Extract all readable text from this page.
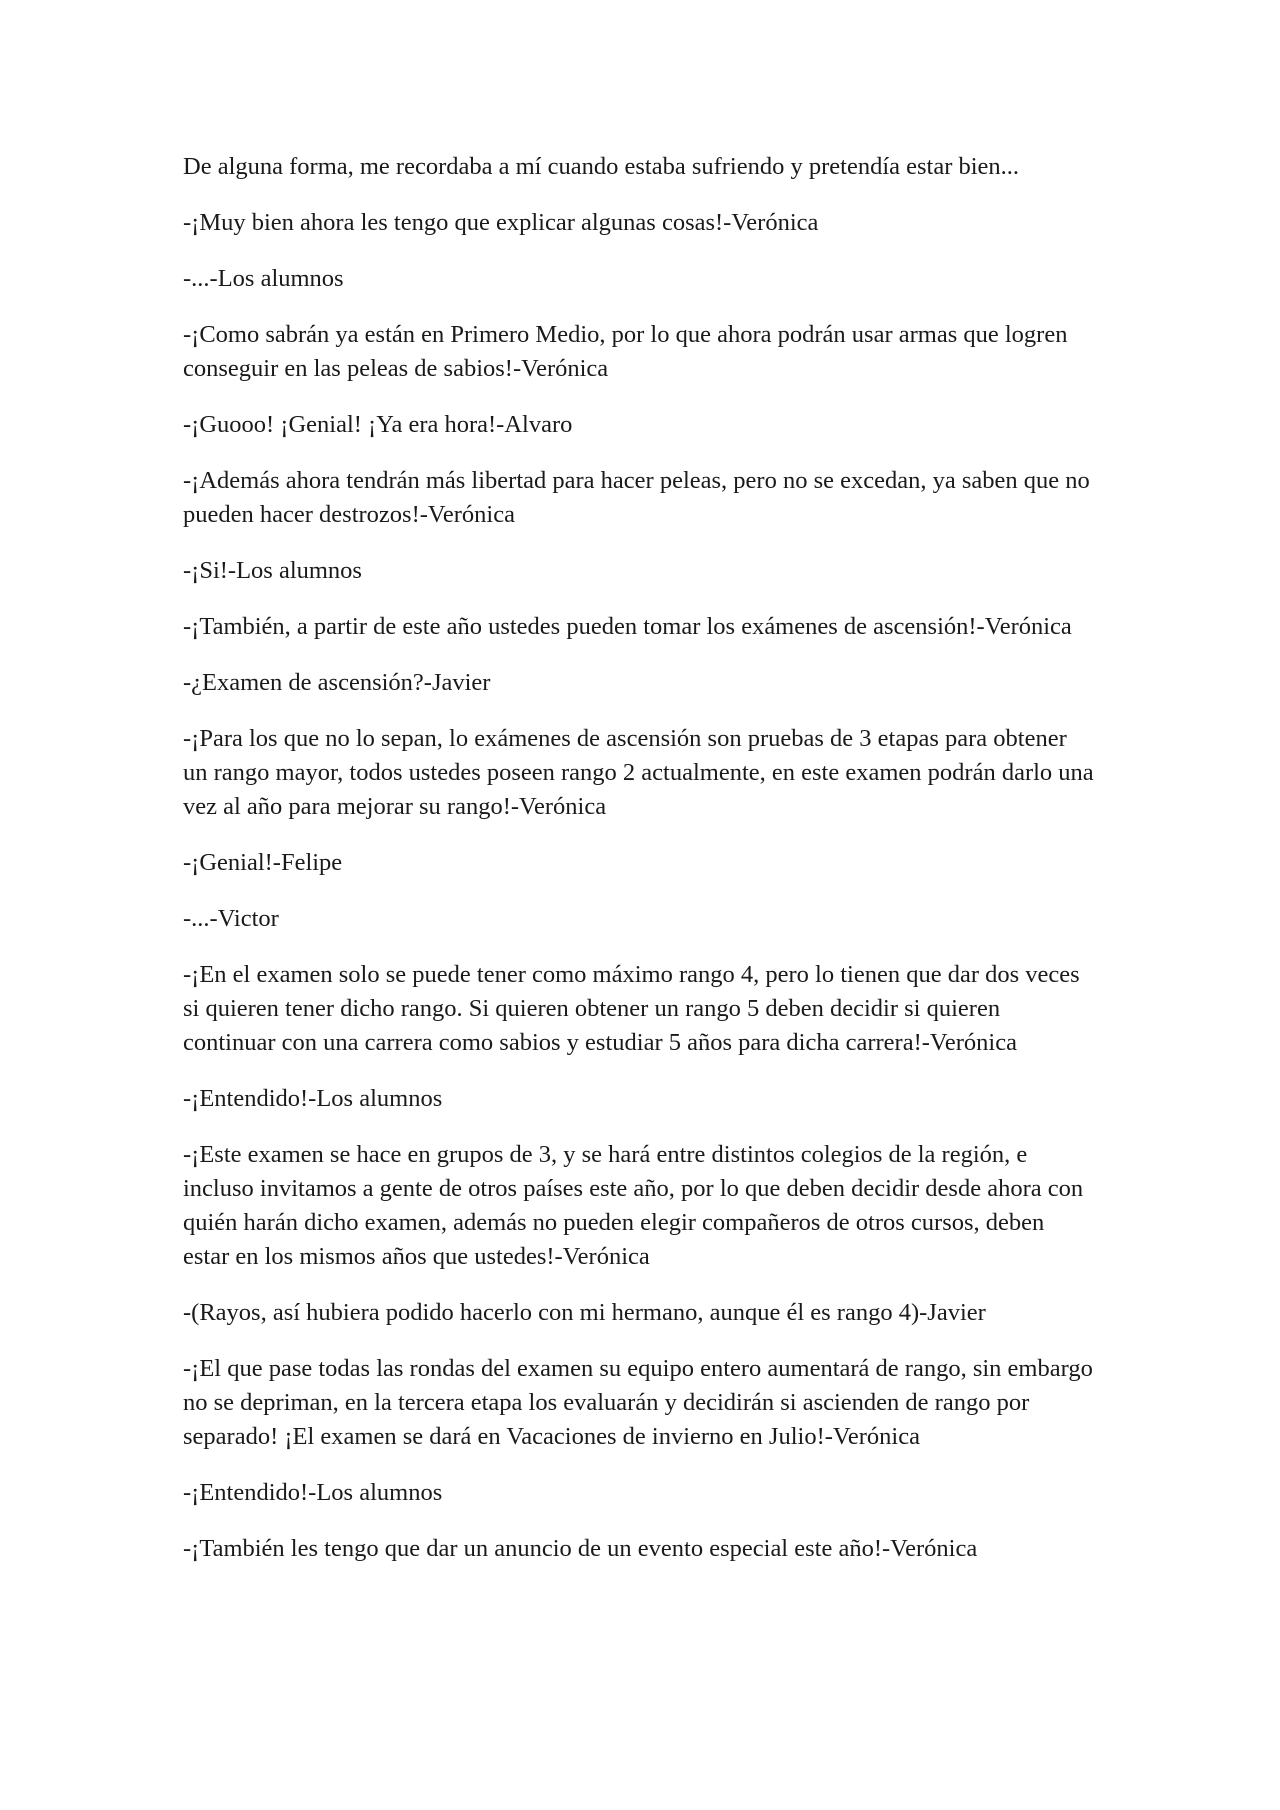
De alguna forma, me recordaba a mí cuando estaba sufriendo y pretendía estar bien...

-¡Muy bien ahora les tengo que explicar algunas cosas!-Verónica

-...-Los alumnos

-¡Como sabrán ya están en Primero Medio, por lo que ahora podrán usar armas que logren conseguir en las peleas de sabios!-Verónica

-¡Guooo! ¡Genial! ¡Ya era hora!-Alvaro

-¡Además ahora tendrán más libertad para hacer peleas, pero no se excedan, ya saben que no pueden hacer destrozos!-Verónica

-¡Si!-Los alumnos

-¡También, a partir de este año ustedes pueden tomar los exámenes de ascensión!-Verónica

-¿Examen de ascensión?-Javier

-¡Para los que no lo sepan, lo exámenes de ascensión son pruebas de 3 etapas para obtener un rango mayor, todos ustedes poseen rango 2 actualmente, en este examen podrán darlo una vez al año para mejorar su rango!-Verónica

-¡Genial!-Felipe

-...-Victor

-¡En el examen solo se puede tener como máximo rango 4, pero lo tienen que dar dos veces si quieren tener dicho rango. Si quieren obtener un rango 5 deben decidir si quieren continuar con una carrera como sabios y estudiar 5 años para dicha carrera!-Verónica

-¡Entendido!-Los alumnos

-¡Este examen se hace en grupos de 3, y se hará entre distintos colegios de la región, e incluso invitamos a gente de otros países este año, por lo que deben decidir desde ahora con quién harán dicho examen, además no pueden elegir compañeros de otros cursos, deben estar en los mismos años que ustedes!-Verónica

-(Rayos, así hubiera podido hacerlo con mi hermano, aunque él es rango 4)-Javier

-¡El que pase todas las rondas del examen su equipo entero aumentará de rango, sin embargo no se depriman, en la tercera etapa los evaluarán y decidirán si ascienden de rango por separado! ¡El examen se dará en Vacaciones de invierno en Julio!-Verónica

-¡Entendido!-Los alumnos

-¡También les tengo que dar un anuncio de un evento especial este año!-Verónica
